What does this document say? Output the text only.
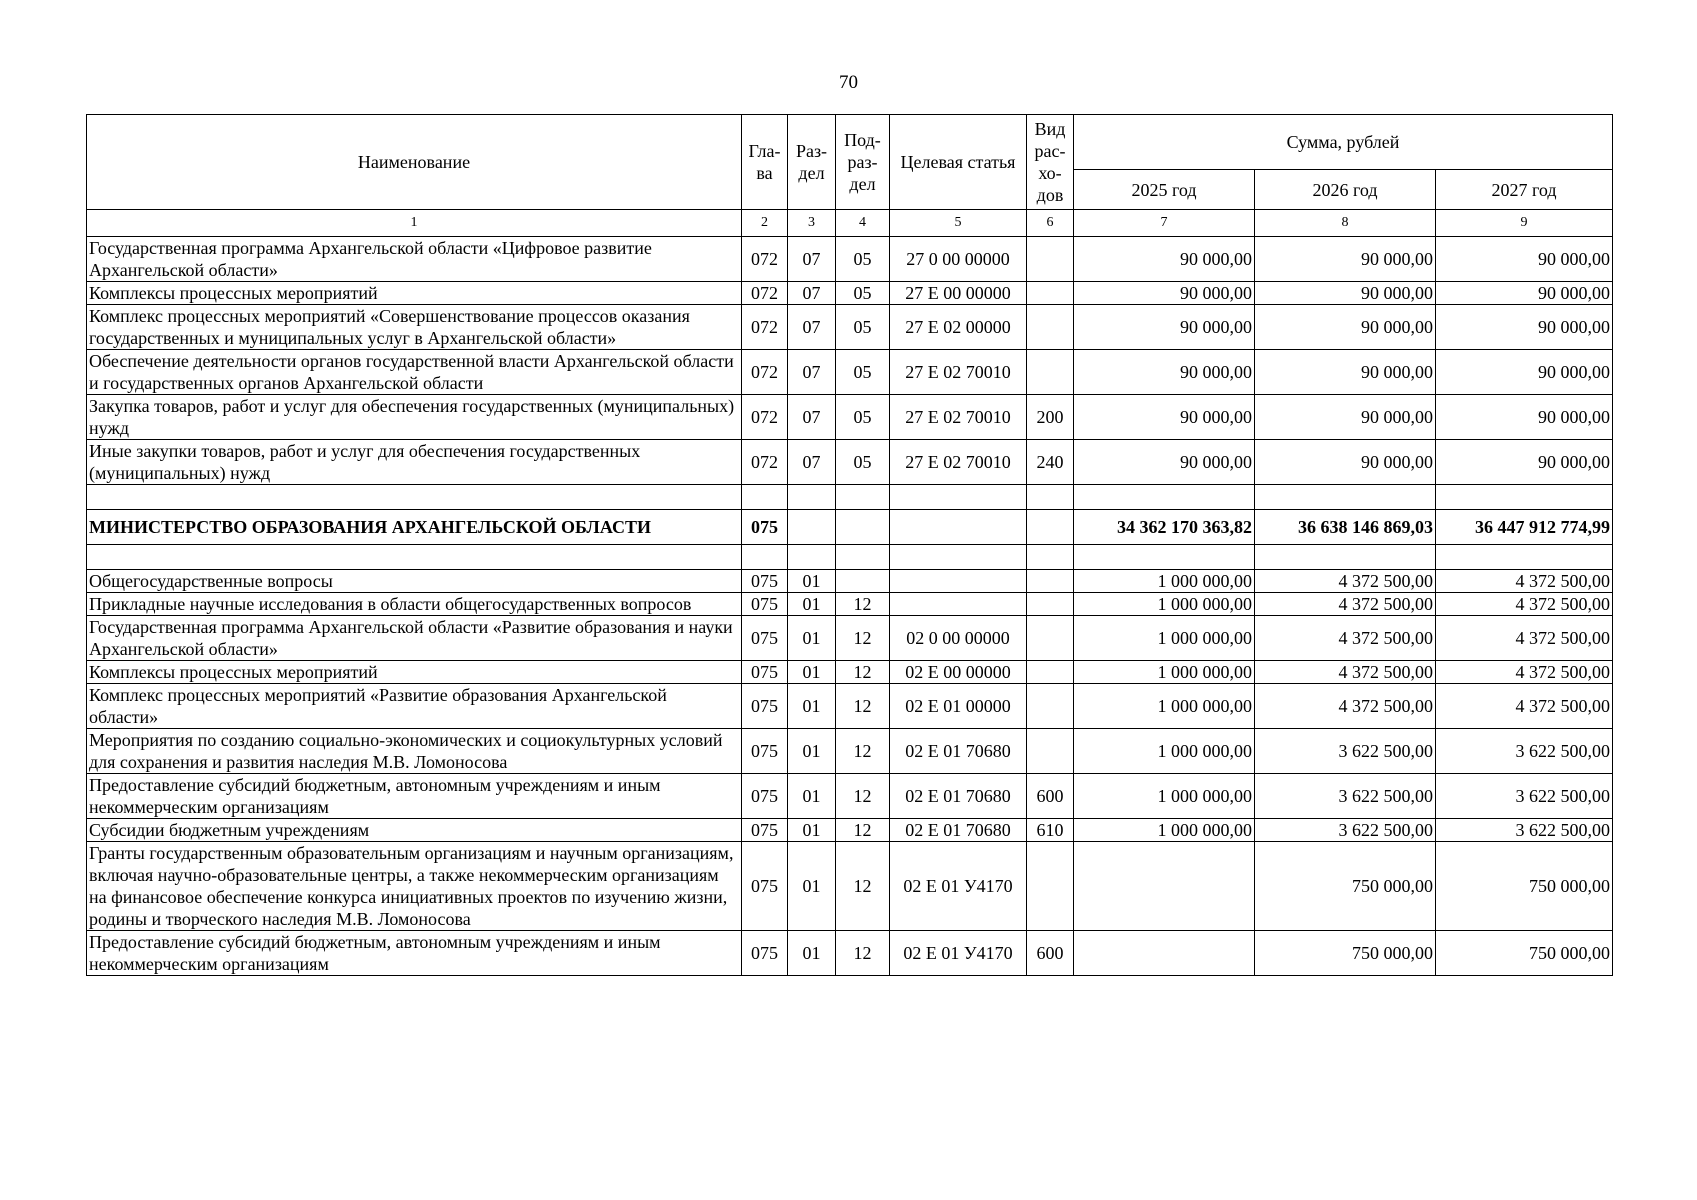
70
Наименование	Гла-ва	Раз-дел	Под-раз-дел	Целевая статья	Вид рас-хо-дов	Сумма, рублей		
						2025 год	2026 год	2027 год
1	2	3	4	5	6	7	8	9
Государственная программа Архангельской области «Цифровое развитие Архангельской области»	072	07	05	27 0 00 00000		90 000,00	90 000,00	90 000,00
Комплексы процессных мероприятий	072	07	05	27 Е 00 00000		90 000,00	90 000,00	90 000,00
Комплекс процессных мероприятий «Совершенствование процессов оказания государственных и муниципальных услуг в Архангельской области»	072	07	05	27 Е 02 00000		90 000,00	90 000,00	90 000,00
Обеспечение деятельности органов государственной власти Архангельской области и государственных органов Архангельской области	072	07	05	27 Е 02 70010		90 000,00	90 000,00	90 000,00
Закупка товаров, работ и услуг для обеспечения государственных (муниципальных) нужд	072	07	05	27 Е 02 70010	200	90 000,00	90 000,00	90 000,00
Иные закупки товаров, работ и услуг для обеспечения государственных (муниципальных) нужд	072	07	05	27 Е 02 70010	240	90 000,00	90 000,00	90 000,00

МИНИСТЕРСТВО ОБРАЗОВАНИЯ АРХАНГЕЛЬСКОЙ ОБЛАСТИ	075					34 362 170 363,82	36 638 146 869,03	36 447 912 774,99

Общегосударственные вопросы	075	01				1 000 000,00	4 372 500,00	4 372 500,00
Прикладные научные исследования в области общегосударственных вопросов	075	01	12			1 000 000,00	4 372 500,00	4 372 500,00
Государственная программа Архангельской области «Развитие образования и науки Архангельской области»	075	01	12	02 0 00 00000		1 000 000,00	4 372 500,00	4 372 500,00
Комплексы процессных мероприятий	075	01	12	02 Е 00 00000		1 000 000,00	4 372 500,00	4 372 500,00
Комплекс процессных мероприятий «Развитие образования Архангельской области»	075	01	12	02 Е 01 00000		1 000 000,00	4 372 500,00	4 372 500,00
Мероприятия по созданию социально-экономических и социокультурных условий для сохранения и развития наследия М.В. Ломоносова	075	01	12	02 Е 01 70680		1 000 000,00	3 622 500,00	3 622 500,00
Предоставление субсидий бюджетным, автономным учреждениям и иным некоммерческим организациям	075	01	12	02 Е 01 70680	600	1 000 000,00	3 622 500,00	3 622 500,00
Субсидии бюджетным учреждениям	075	01	12	02 Е 01 70680	610	1 000 000,00	3 622 500,00	3 622 500,00
Гранты государственным образовательным организациям и научным организациям, включая научно-образовательные центры, а также некоммерческим организациям на финансовое обеспечение конкурса инициативных проектов по изучению жизни, родины и творческого наследия М.В. Ломоносова	075	01	12	02 Е 01 У4170			750 000,00	750 000,00
Предоставление субсидий бюджетным, автономным учреждениям и иным некоммерческим организациям	075	01	12	02 Е 01 У4170	600		750 000,00	750 000,00
